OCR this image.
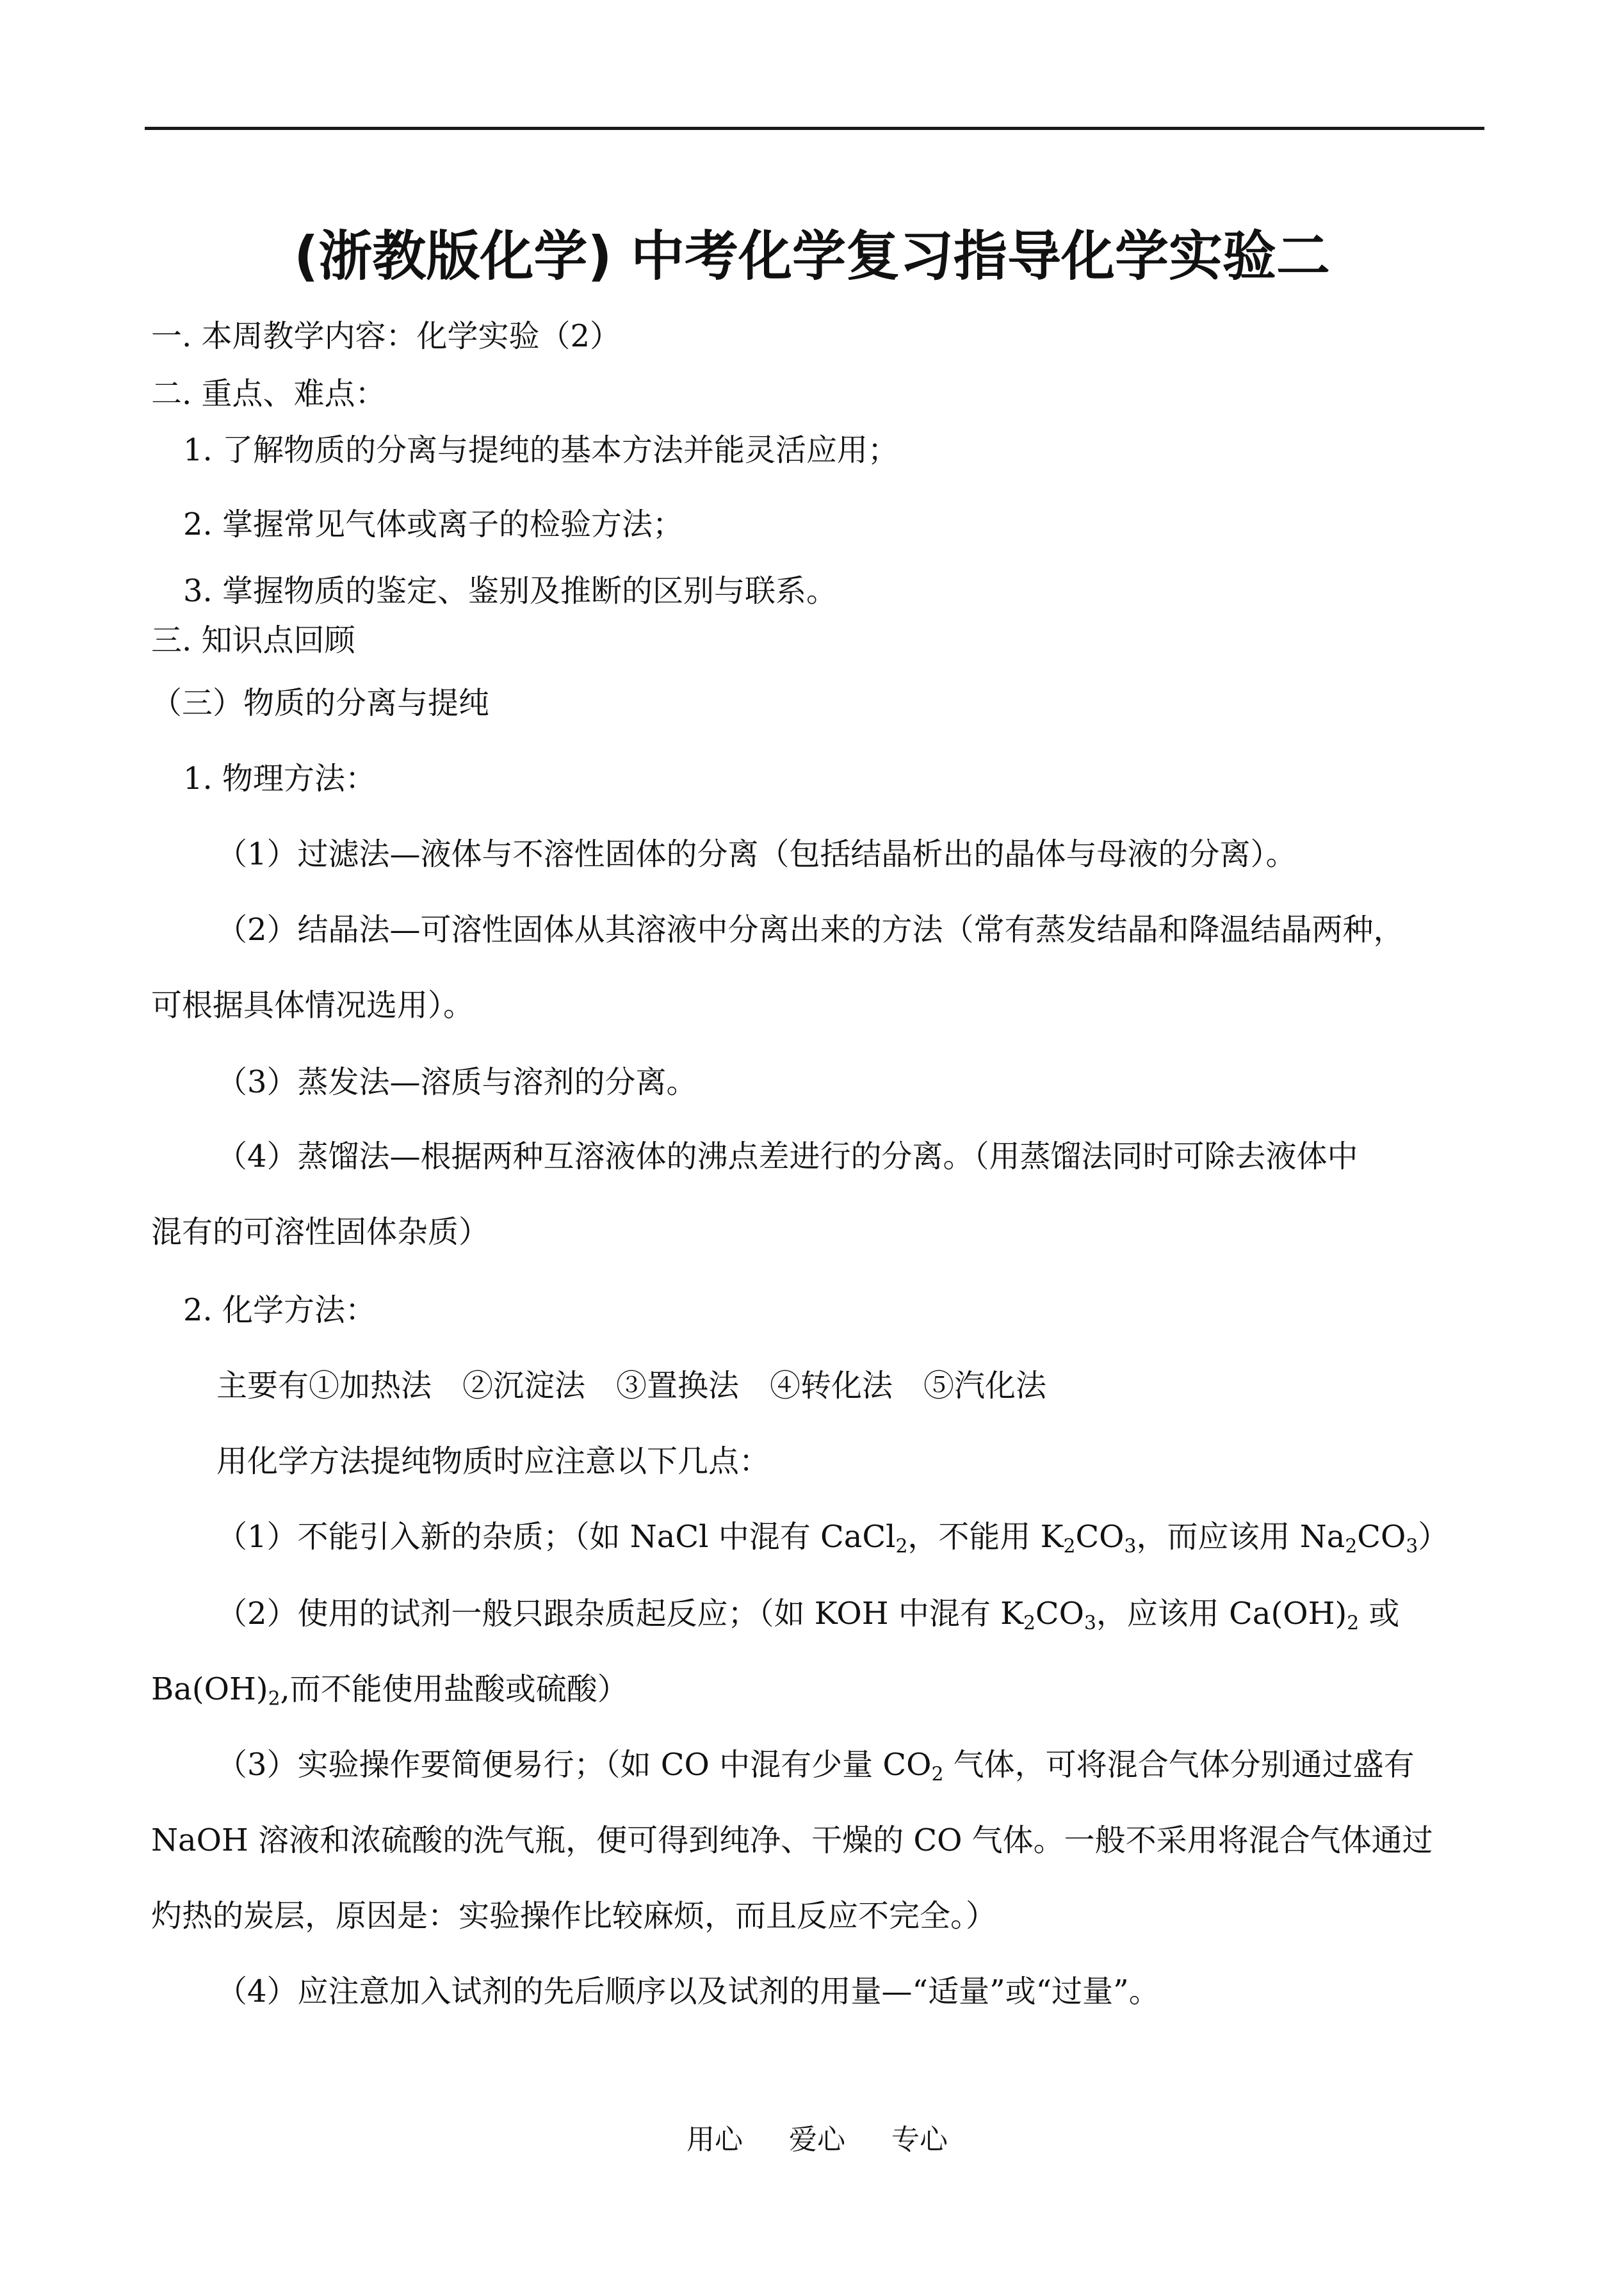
(浙教版化学) 中考化学复习指导化学实验二
一. 本周教学内容：化学实验（2）
二. 重点、难点：
1. 了解物质的分离与提纯的基本方法并能灵活应用；
2. 掌握常见气体或离子的检验方法；
3. 掌握物质的鉴定、鉴别及推断的区别与联系。
三. 知识点回顾
（三）物质的分离与提纯
1. 物理方法：
（1）过滤法—液体与不溶性固体的分离（包括结晶析出的晶体与母液的分离）。
（2）结晶法—可溶性固体从其溶液中分离出来的方法（常有蒸发结晶和降温结晶两种，
可根据具体情况选用）。
（3）蒸发法—溶质与溶剂的分离。
（4）蒸馏法—根据两种互溶液体的沸点差进行的分离。（用蒸馏法同时可除去液体中
混有的可溶性固体杂质）
2. 化学方法：
主要有①加热法　②沉淀法　③置换法　④转化法　⑤汽化法
用化学方法提纯物质时应注意以下几点：
（1）不能引入新的杂质；（如 NaCl 中混有 CaCl$_2$，不能用 $K_2CO_3$，而应该用 $Na_2CO_3$）
（2）使用的试剂一般只跟杂质起反应；（如 KOH 中混有 $K_2CO_3$，应该用 $Ca(OH)_2$ 或
$Ba(OH)_2$,而不能使用盐酸或硫酸）
（3）实验操作要简便易行；（如 CO 中混有少量 $CO_2$ 气体，可将混合气体分别通过盛有
NaOH 溶液和浓硫酸的洗气瓶，便可得到纯净、干燥的 CO 气体。一般不采用将混合气体通过
灼热的炭层，原因是：实验操作比较麻烦，而且反应不完全。）
（4）应注意加入试剂的先后顺序以及试剂的用量—“适量”或“过量”。
用心 爱心 专心
